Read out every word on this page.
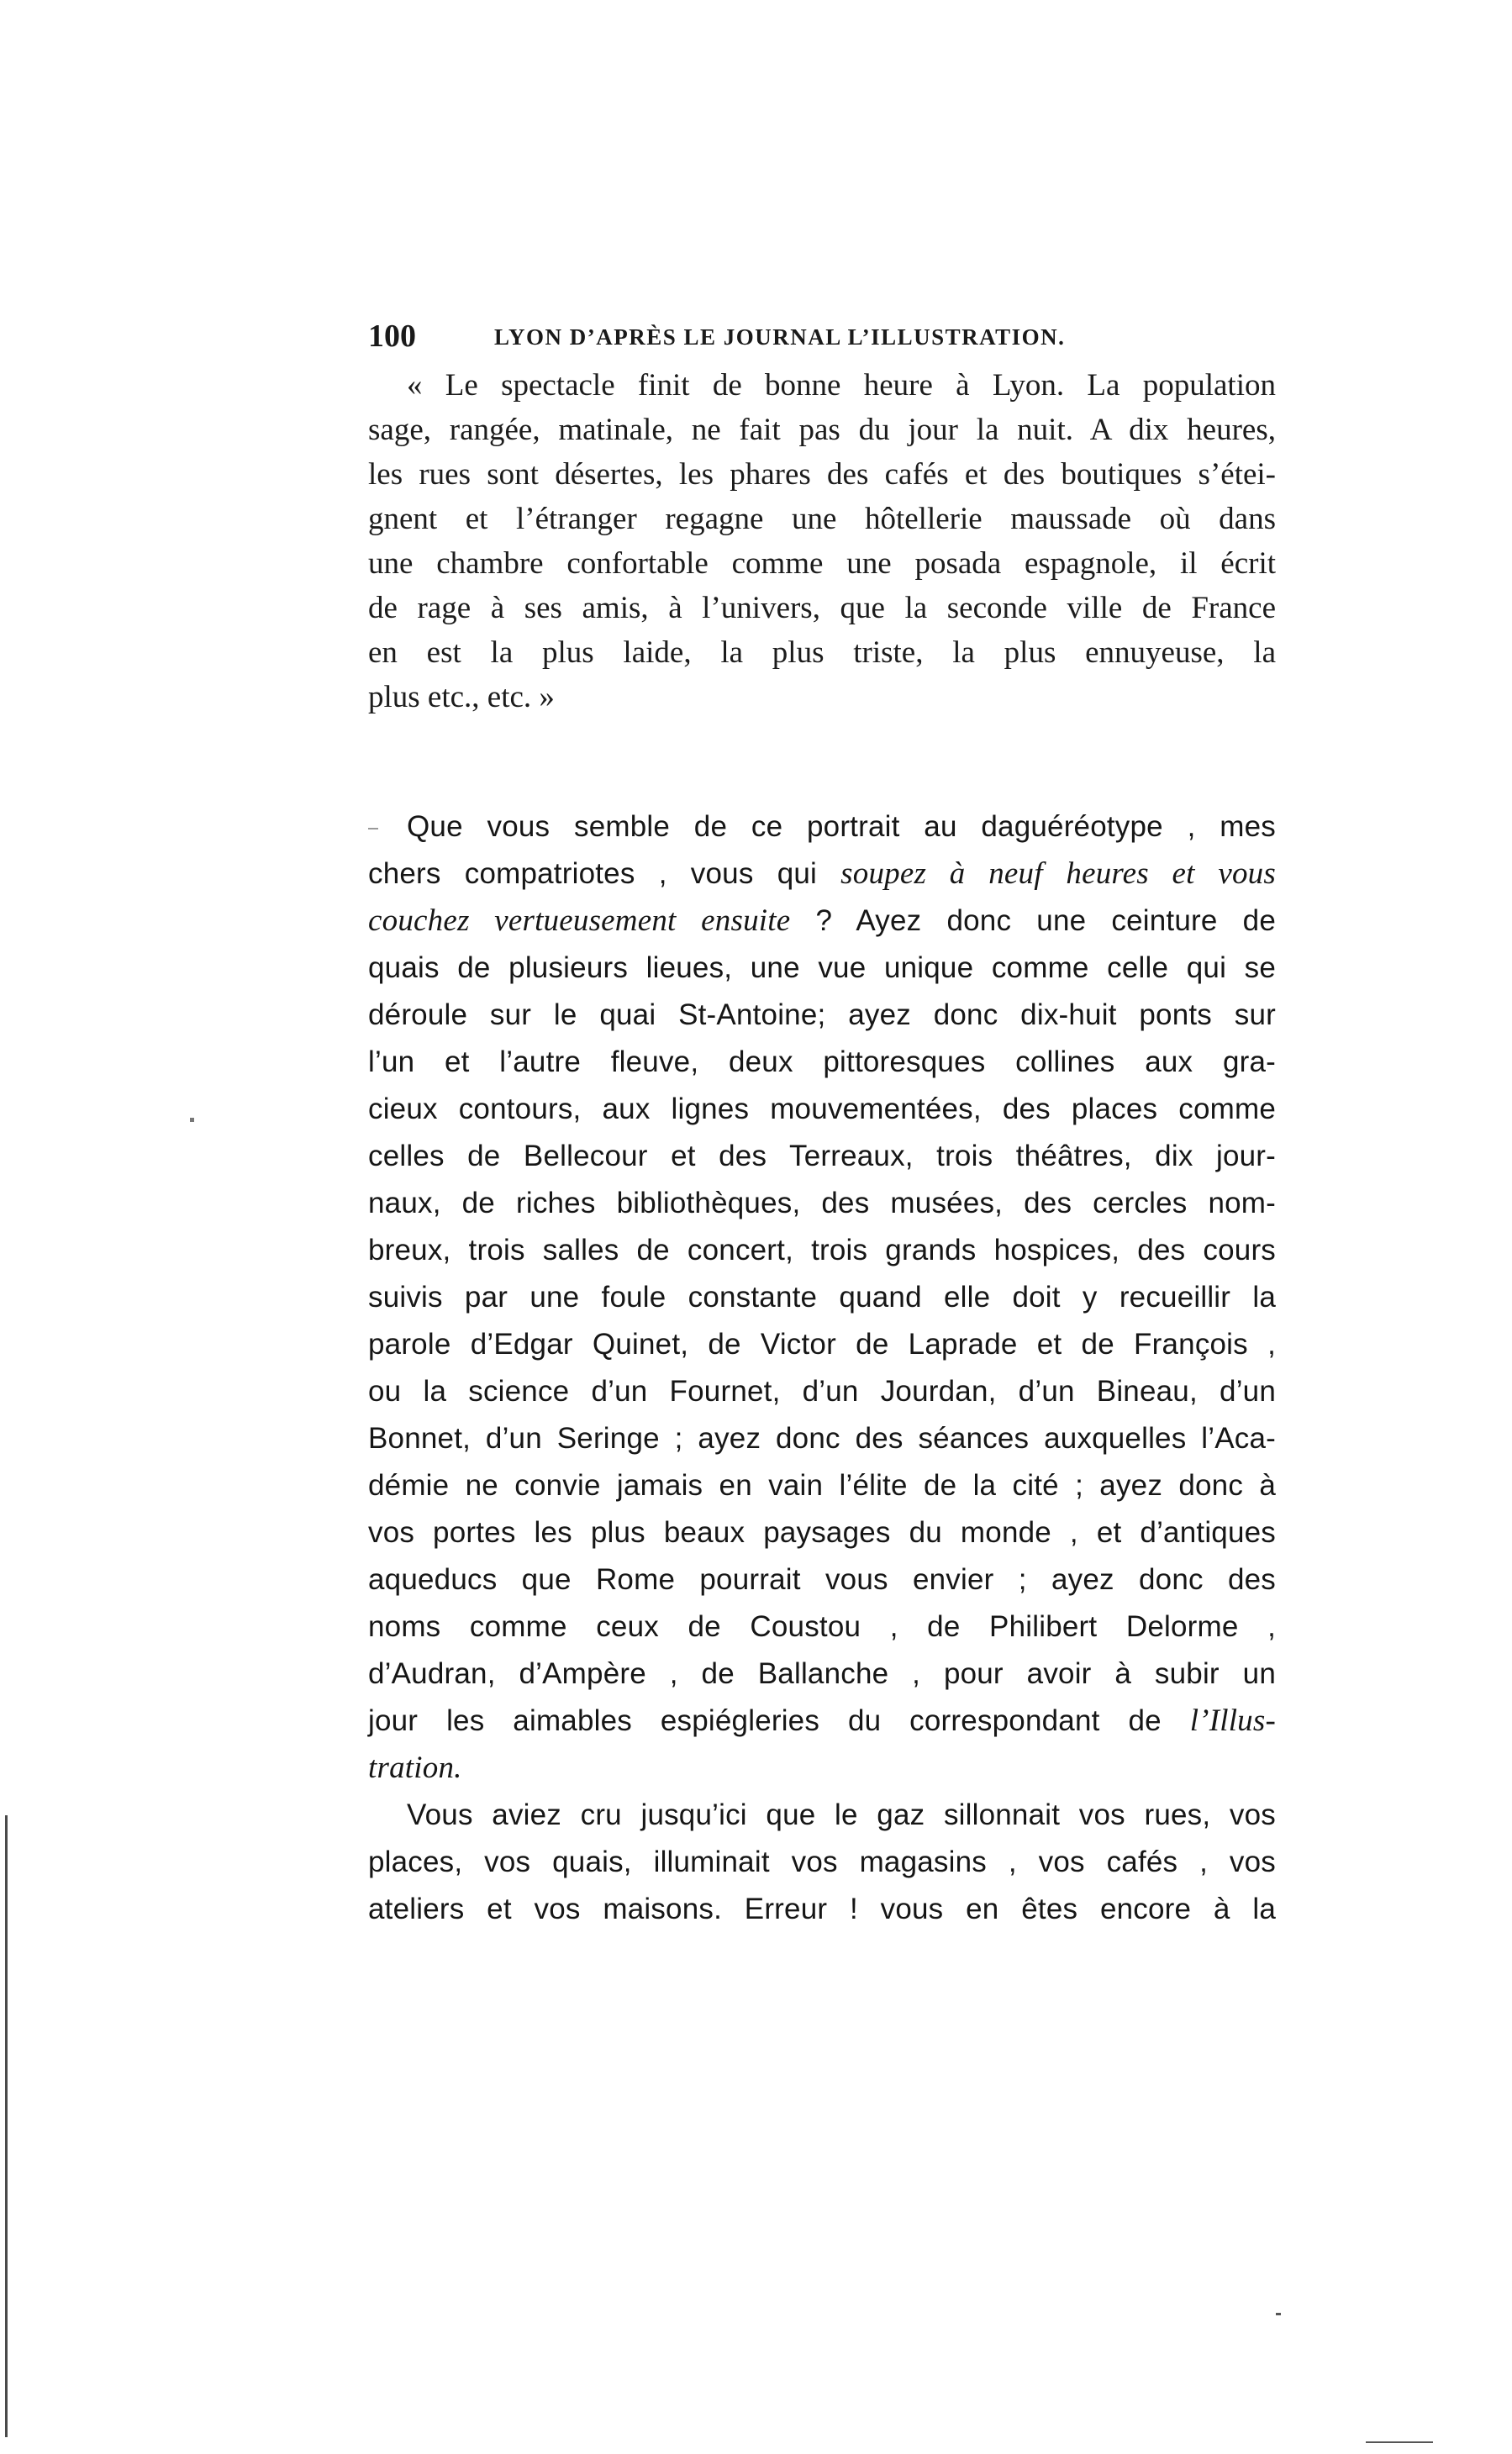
100	LYON D’APRÈS LE JOURNAL L’ILLUSTRATION.
« Le spectacle finit de bonne heure à Lyon. La population
sage, rangée, matinale, ne fait pas du jour la nuit. A dix heures,
les rues sont désertes, les phares des cafés et des boutiques s’étei-
gnent et l’étranger regagne une hôtellerie maussade où dans
une chambre confortable comme une posada espagnole, il écrit
de rage à ses amis, à l’univers, que la seconde ville de France
en est la plus laide, la plus triste, la plus ennuyeuse, la
plus etc., etc. »
Que vous semble de ce portrait au daguéréotype , mes
chers compatriotes , vous qui soupez à neuf heures et vous
couchez vertueusement ensuite ? Ayez donc une ceinture de
quais de plusieurs lieues, une vue unique comme celle qui se
déroule sur le quai St-Antoine; ayez donc dix-huit ponts sur
l’un et l’autre fleuve, deux pittoresques collines aux gra-
cieux contours, aux lignes mouvementées, des places comme
celles de Bellecour et des Terreaux, trois théâtres, dix jour-
naux, de riches bibliothèques, des musées, des cercles nom-
breux, trois salles de concert, trois grands hospices, des cours
suivis par une foule constante quand elle doit y recueillir la
parole d’Edgar Quinet, de Victor de Laprade et de François ,
ou la science d’un Fournet, d’un Jourdan, d’un Bineau, d’un
Bonnet, d’un Seringe ; ayez donc des séances auxquelles l’Aca-
démie ne convie jamais en vain l’élite de la cité ; ayez donc à
vos portes les plus beaux paysages du monde , et d’antiques
aqueducs que Rome pourrait vous envier ; ayez donc des
noms comme ceux de Coustou , de Philibert Delorme ,
d’Audran, d’Ampère , de Ballanche , pour avoir à subir un
jour les aimables espiégleries du correspondant de l’Illus-
tration.
Vous aviez cru jusqu’ici que le gaz sillonnait vos rues, vos
places, vos quais, illuminait vos magasins , vos cafés , vos
ateliers et vos maisons. Erreur ! vous en êtes encore à la
